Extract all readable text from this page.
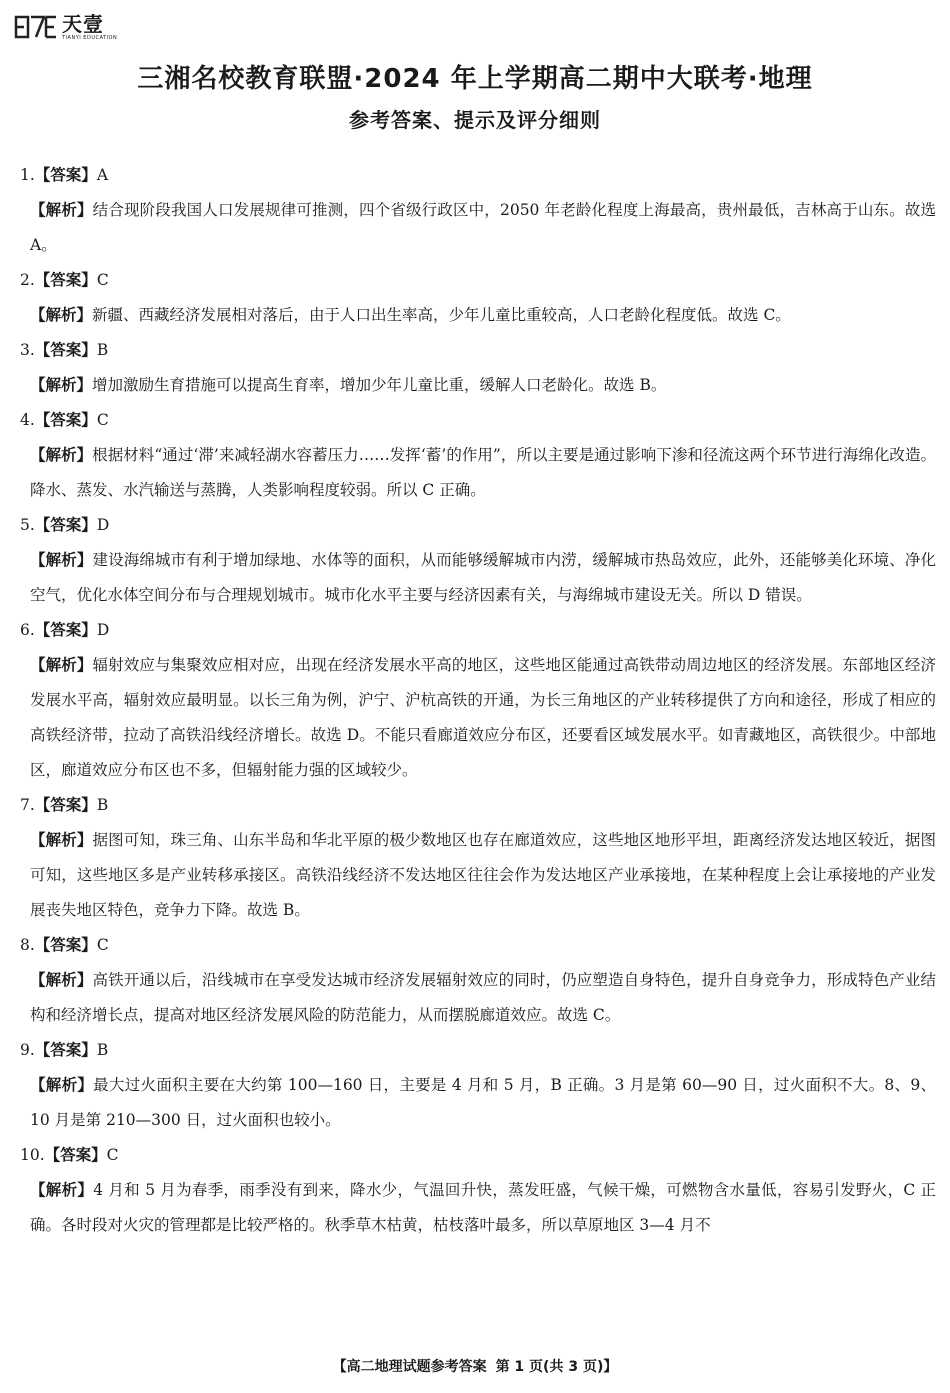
天壹
TIANYI EDUCATION
三湘名校教育联盟·2024 年上学期高二期中大联考·地理
参考答案、提示及评分细则
1.【答案】A
【解析】结合现阶段我国人口发展规律可推测，四个省级行政区中，2050 年老龄化程度上海最高，贵州最低，吉林高于山东。故选 A。
2.【答案】C
【解析】新疆、西藏经济发展相对落后，由于人口出生率高，少年儿童比重较高，人口老龄化程度低。故选 C。
3.【答案】B
【解析】增加激励生育措施可以提高生育率，增加少年儿童比重，缓解人口老龄化。故选 B。
4.【答案】C
【解析】根据材料“通过‘滞’来减轻湖水容蓄压力……发挥‘蓄’的作用”，所以主要是通过影响下渗和径流这两个环节进行海绵化改造。降水、蒸发、水汽输送与蒸腾，人类影响程度较弱。所以 C 正确。
5.【答案】D
【解析】建设海绵城市有利于增加绿地、水体等的面积，从而能够缓解城市内涝，缓解城市热岛效应，此外，还能够美化环境、净化空气，优化水体空间分布与合理规划城市。城市化水平主要与经济因素有关，与海绵城市建设无关。所以 D 错误。
6.【答案】D
【解析】辐射效应与集聚效应相对应，出现在经济发展水平高的地区，这些地区能通过高铁带动周边地区的经济发展。东部地区经济发展水平高，辐射效应最明显。以长三角为例，沪宁、沪杭高铁的开通，为长三角地区的产业转移提供了方向和途径，形成了相应的高铁经济带，拉动了高铁沿线经济增长。故选 D。不能只看廊道效应分布区，还要看区域发展水平。如青藏地区，高铁很少。中部地区，廊道效应分布区也不多，但辐射能力强的区域较少。
7.【答案】B
【解析】据图可知，珠三角、山东半岛和华北平原的极少数地区也存在廊道效应，这些地区地形平坦，距离经济发达地区较近，据图可知，这些地区多是产业转移承接区。高铁沿线经济不发达地区往往会作为发达地区产业承接地，在某种程度上会让承接地的产业发展丧失地区特色，竞争力下降。故选 B。
8.【答案】C
【解析】高铁开通以后，沿线城市在享受发达城市经济发展辐射效应的同时，仍应塑造自身特色，提升自身竞争力，形成特色产业结构和经济增长点，提高对地区经济发展风险的防范能力，从而摆脱廊道效应。故选 C。
9.【答案】B
【解析】最大过火面积主要在大约第 100—160 日，主要是 4 月和 5 月，B 正确。3 月是第 60—90 日，过火面积不大。8、9、10 月是第 210—300 日，过火面积也较小。
10.【答案】C
【解析】4 月和 5 月为春季，雨季没有到来，降水少，气温回升快，蒸发旺盛，气候干燥，可燃物含水量低，容易引发野火，C 正确。各时段对火灾的管理都是比较严格的。秋季草木枯黄，枯枝落叶最多，所以草原地区 3—4 月不
【高二地理试题参考答案 第 1 页(共 3 页)】
